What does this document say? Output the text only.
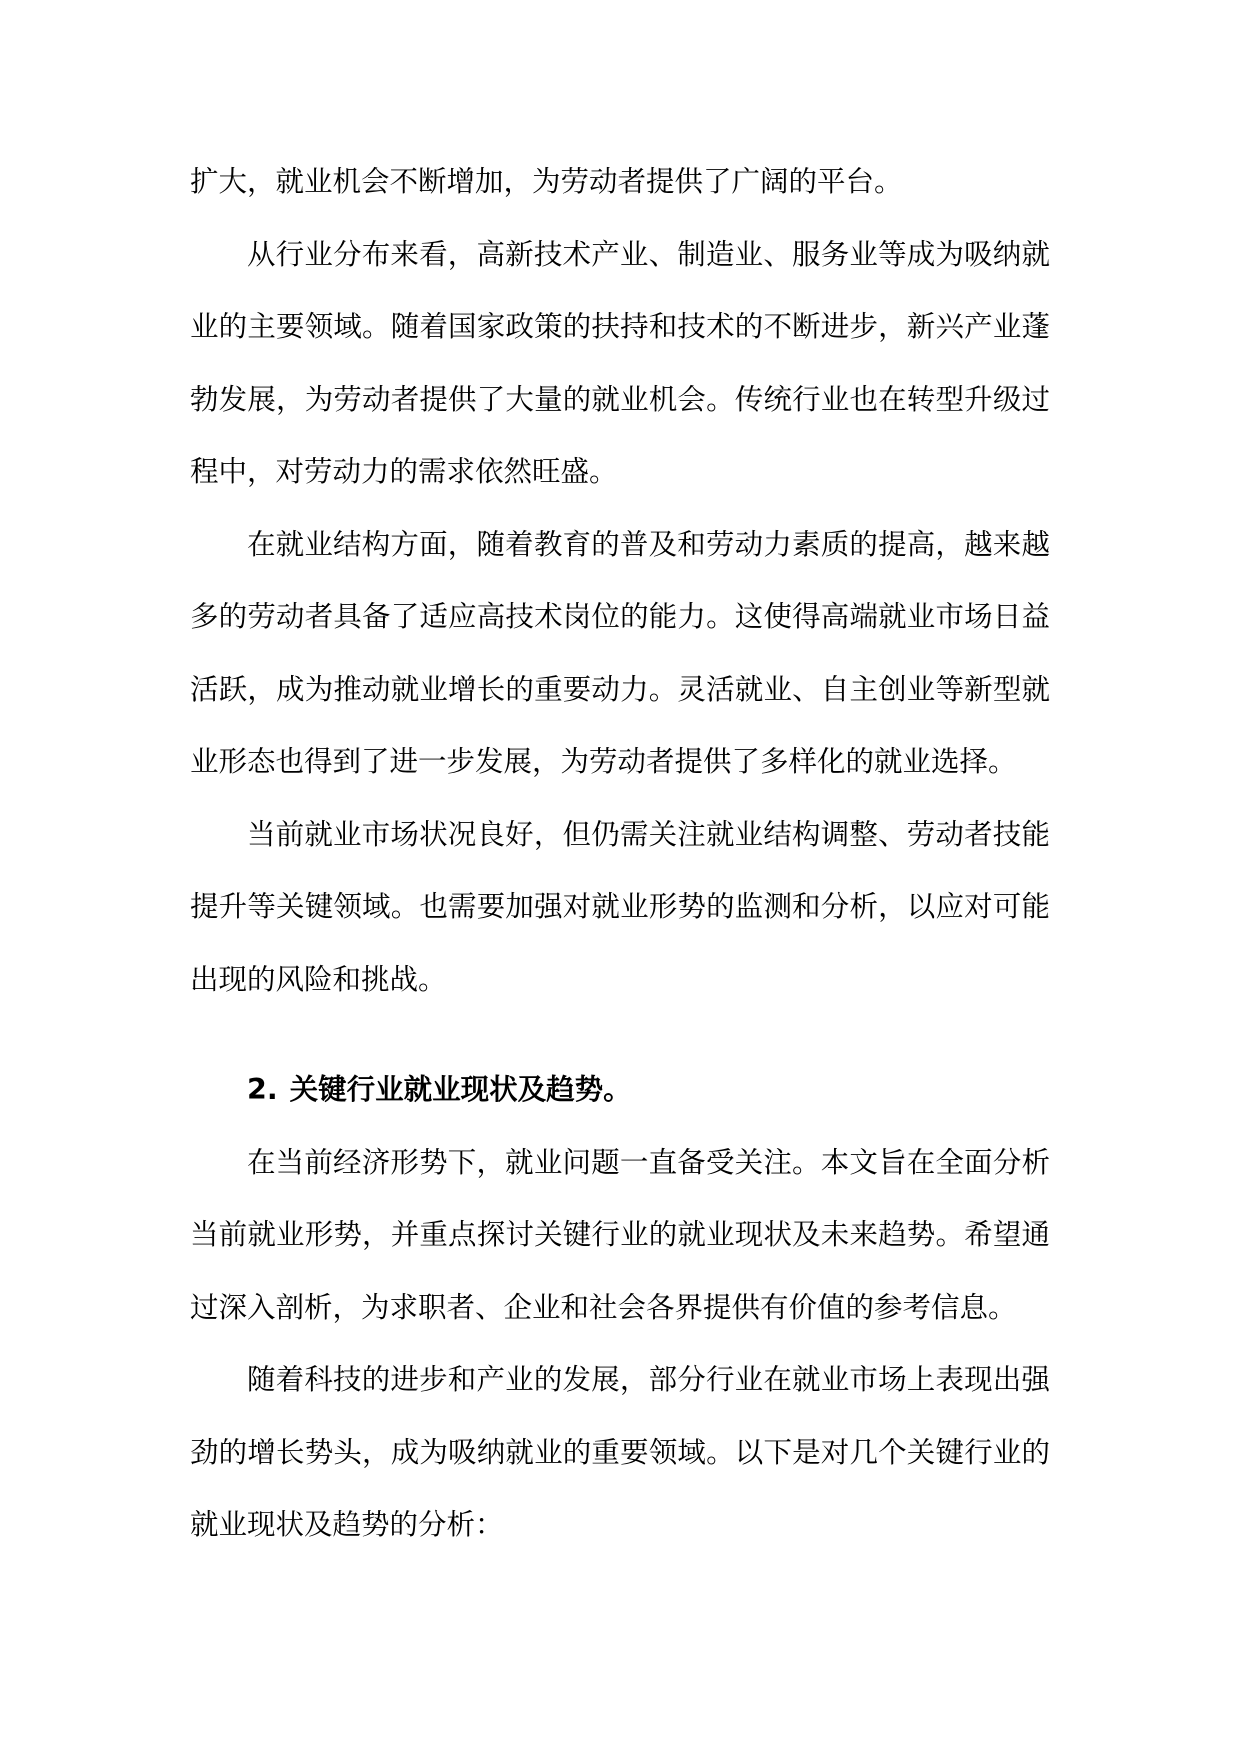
扩大，就业机会不断增加，为劳动者提供了广阔的平台。

从行业分布来看，高新技术产业、制造业、服务业等成为吸纳就业的主要领域。随着国家政策的扶持和技术的不断进步，新兴产业蓬勃发展，为劳动者提供了大量的就业机会。传统行业也在转型升级过程中，对劳动力的需求依然旺盛。

在就业结构方面，随着教育的普及和劳动力素质的提高，越来越多的劳动者具备了适应高技术岗位的能力。这使得高端就业市场日益活跃，成为推动就业增长的重要动力。灵活就业、自主创业等新型就业形态也得到了进一步发展，为劳动者提供了多样化的就业选择。

当前就业市场状况良好，但仍需关注就业结构调整、劳动者技能提升等关键领域。也需要加强对就业形势的监测和分析，以应对可能出现的风险和挑战。

2. 关键行业就业现状及趋势。

在当前经济形势下，就业问题一直备受关注。本文旨在全面分析当前就业形势，并重点探讨关键行业的就业现状及未来趋势。希望通过深入剖析，为求职者、企业和社会各界提供有价值的参考信息。

随着科技的进步和产业的发展，部分行业在就业市场上表现出强劲的增长势头，成为吸纳就业的重要领域。以下是对几个关键行业的就业现状及趋势的分析：
